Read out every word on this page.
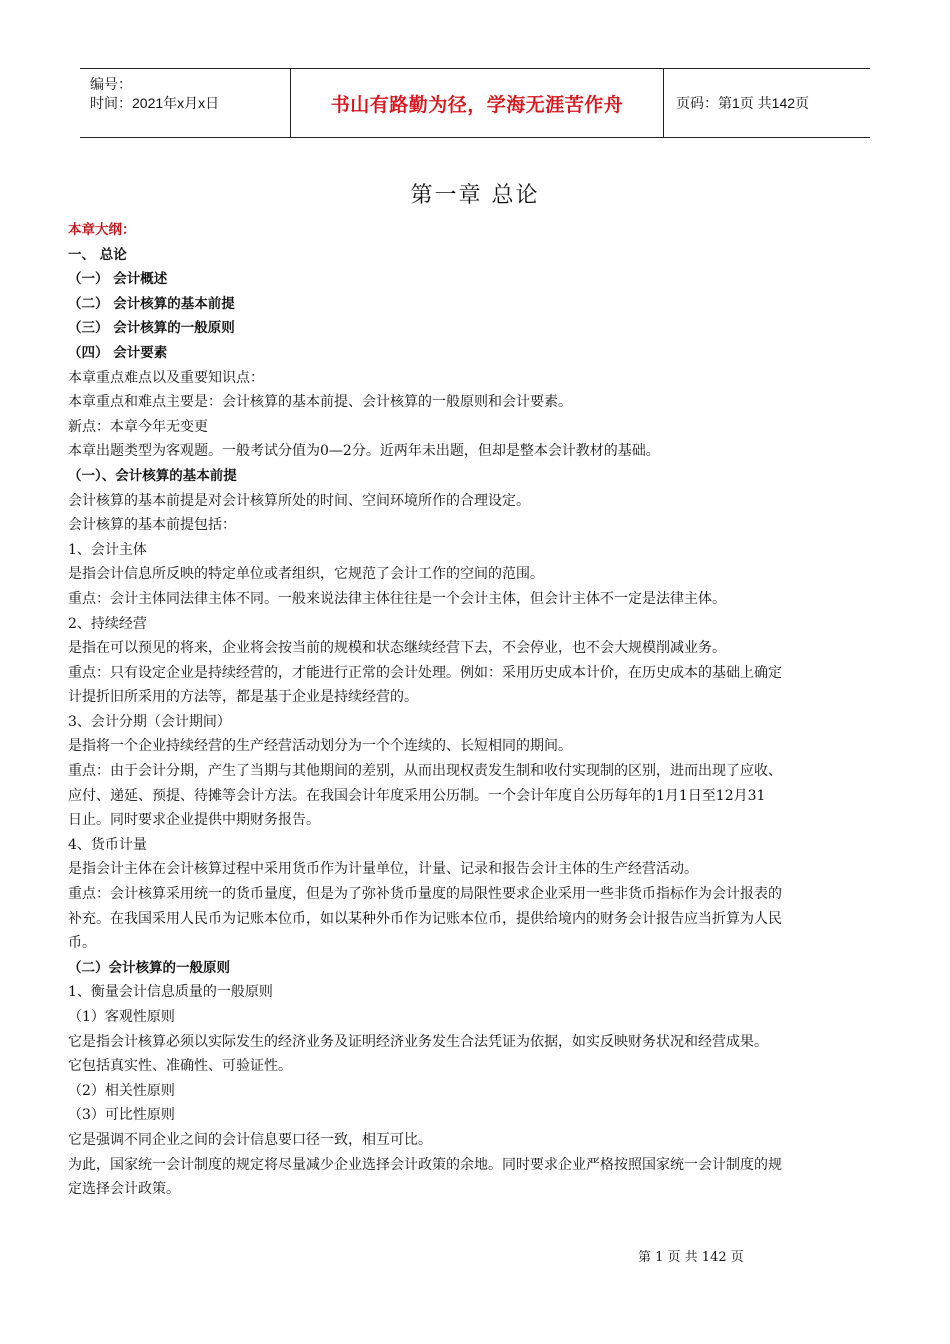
编号：
时间：2021年x月x日	书山有路勤为径，学海无涯苦作舟	页码：第1页 共142页
第一章 总论
本章大纲：
一、 总论
（一） 会计概述
（二） 会计核算的基本前提
（三） 会计核算的一般原则
（四） 会计要素
本章重点难点以及重要知识点：
本章重点和难点主要是：会计核算的基本前提、会计核算的一般原则和会计要素。
新点：本章今年无变更
本章出题类型为客观题。一般考试分值为0—2分。近两年未出题，但却是整本会计教材的基础。
（一）、会计核算的基本前提
会计核算的基本前提是对会计核算所处的时间、空间环境所作的合理设定。
会计核算的基本前提包括：
1、会计主体
是指会计信息所反映的特定单位或者组织，它规范了会计工作的空间的范围。
重点：会计主体同法律主体不同。一般来说法律主体往往是一个会计主体，但会计主体不一定是法律主体。
2、持续经营
是指在可以预见的将来，企业将会按当前的规模和状态继续经营下去，不会停业，也不会大规模削减业务。
重点：只有设定企业是持续经营的，才能进行正常的会计处理。例如：采用历史成本计价，在历史成本的基础上确定
计提折旧所采用的方法等，都是基于企业是持续经营的。
3、会计分期（会计期间）
是指将一个企业持续经营的生产经营活动划分为一个个连续的、长短相同的期间。
重点：由于会计分期，产生了当期与其他期间的差别，从而出现权责发生制和收付实现制的区别，进而出现了应收、
应付、递延、预提、待摊等会计方法。在我国会计年度采用公历制。一个会计年度自公历每年的1月1日至12月31
日止。同时要求企业提供中期财务报告。
4、货币计量
是指会计主体在会计核算过程中采用货币作为计量单位，计量、记录和报告会计主体的生产经营活动。
重点：会计核算采用统一的货币量度，但是为了弥补货币量度的局限性要求企业采用一些非货币指标作为会计报表的
补充。在我国采用人民币为记账本位币，如以某种外币作为记账本位币，提供给境内的财务会计报告应当折算为人民
币。
（二）会计核算的一般原则
1、衡量会计信息质量的一般原则
（1）客观性原则
它是指会计核算必须以实际发生的经济业务及证明经济业务发生合法凭证为依据，如实反映财务状况和经营成果。
它包括真实性、准确性、可验证性。
（2）相关性原则
（3）可比性原则
它是强调不同企业之间的会计信息要口径一致，相互可比。
为此，国家统一会计制度的规定将尽量减少企业选择会计政策的余地。同时要求企业严格按照国家统一会计制度的规
定选择会计政策。
第 1 页 共 142 页
